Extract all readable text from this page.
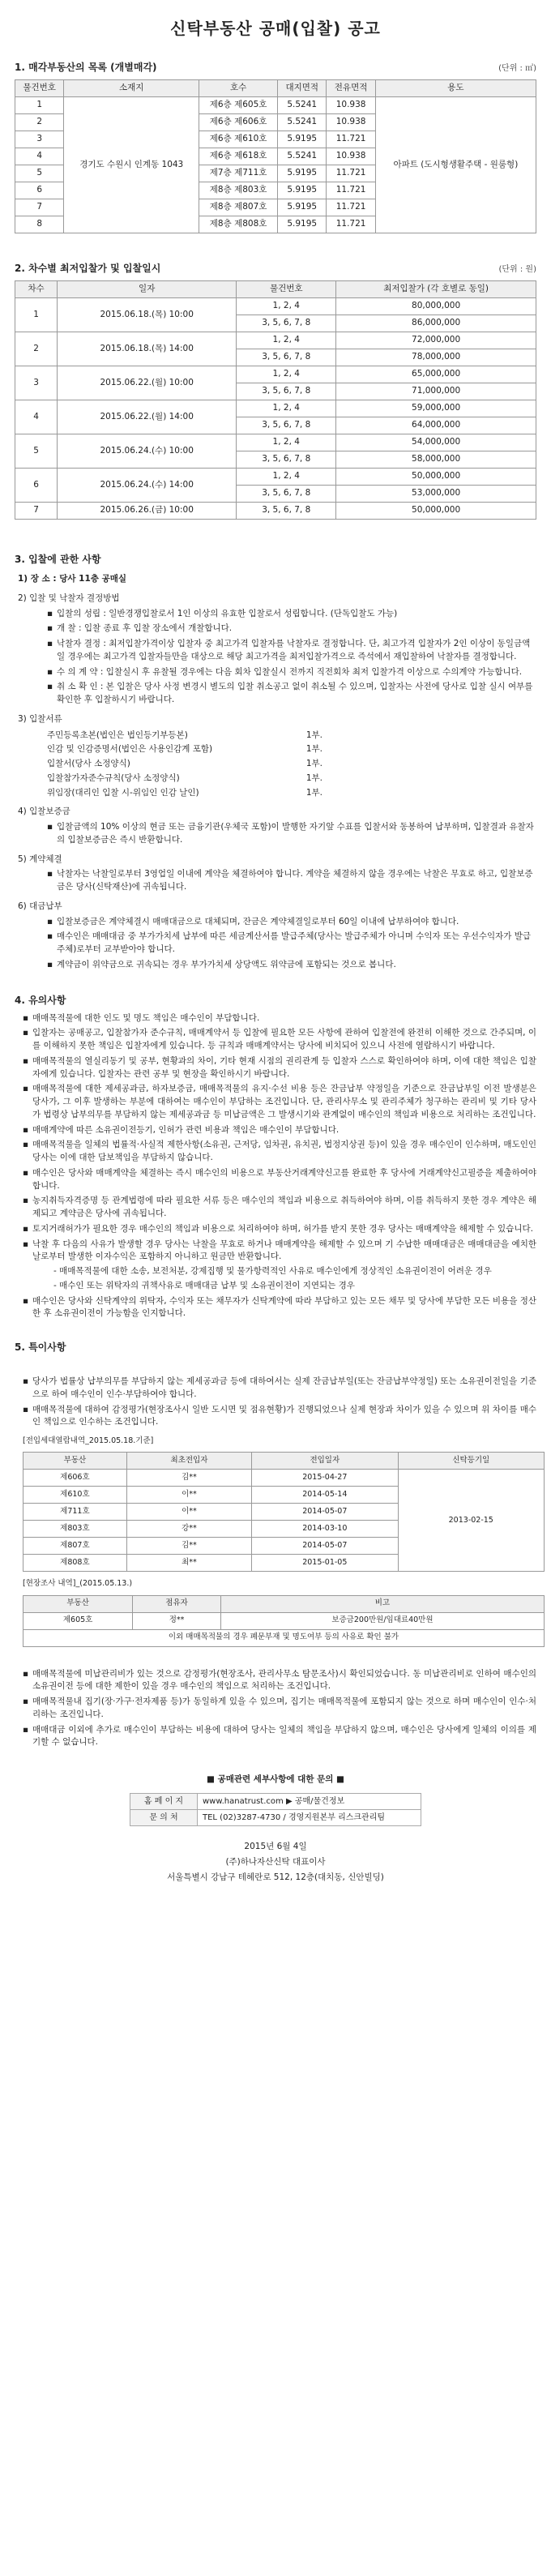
신탁부동산 공매(입찰) 공고
1. 매각부동산의 목록 (개별매각)	(단위 : ㎡)
물건번호	소재지	호수	대지면적	전유면적	용도
1	경기도 수원시 인계동 1043	제6층 제605호	5.5241	10.938	아파트 (도시형생활주택 - 원룸형)
2		제6층 제606호	5.5241	10.938	
3		제6층 제610호	5.9195	11.721	
4		제6층 제618호	5.5241	10.938	
5		제7층 제711호	5.9195	11.721	
6		제8층 제803호	5.9195	11.721	
7		제8층 제807호	5.9195	11.721	
8		제8층 제808호	5.9195	11.721	
2. 차수별 최저입찰가 및 입찰일시	(단위 : 원)
차수	일자	물건번호	최저입찰가 (각 호별로 동일)
1	2015.06.18.(목) 10:00	1, 2, 4	80,000,000
		3, 5, 6, 7, 8	86,000,000
2	2015.06.18.(목) 14:00	1, 2, 4	72,000,000
		3, 5, 6, 7, 8	78,000,000
3	2015.06.22.(월) 10:00	1, 2, 4	65,000,000
		3, 5, 6, 7, 8	71,000,000
4	2015.06.22.(월) 14:00	1, 2, 4	59,000,000
		3, 5, 6, 7, 8	64,000,000
5	2015.06.24.(수) 10:00	1, 2, 4	54,000,000
		3, 5, 6, 7, 8	58,000,000
6	2015.06.24.(수) 14:00	1, 2, 4	50,000,000
		3, 5, 6, 7, 8	53,000,000
7	2015.06.26.(금) 10:00	3, 5, 6, 7, 8	50,000,000
3. 입찰에 관한 사항
1) 장 소 : 당사 11층 공매실
2) 입찰 및 낙찰자 결정방법
▪ 입찰의 성립 : 일반경쟁입찰로서 1인 이상의 유효한 입찰로서 성립합니다. (단독입찰도 가능)
▪ 개 찰 : 입찰 종료 후 입찰 장소에서 개찰합니다.
▪ 낙찰자 결정 : 최저입찰가격이상 입찰자 중 최고가격 입찰자를 낙찰자로 결정합니다. 단, 최고가격 입찰자가 2인 이상이 동일금액일 경우에는 최고가격 입찰자들만을 대상으로 해당 최고가격을 최저입찰가격으로 즉석에서 재입찰하여 낙찰자를 결정합니다.
▪ 수 의 계 약 : 입찰실시 후 유찰될 경우에는 다음 회차 입찰실시 전까지 직전회차 최저 입찰가격 이상으로 수의계약 가능합니다.
▪ 취 소 확 인 : 본 입찰은 당사 사정 변경시 별도의 입찰 취소공고 없이 취소될 수 있으며, 입찰자는 사전에 당사로 입찰 실시 여부를 확인한 후 입찰하시기 바랍니다.
3) 입찰서류
주민등록초본(법인은 법인등기부등본)	1부.
인감 및 인감증명서(법인은 사용인감계 포함)	1부.
입찰서(당사 소정양식)	1부.
입찰참가자준수규칙(당사 소정양식)	1부.
위임장(대리인 입찰 시-위임인 인감 날인)	1부.
4) 입찰보증금
▪ 입찰금액의 10% 이상의 현금 또는 금융기관(우체국 포함)이 발행한 자기앞 수표를 입찰서와 동봉하여 납부하며, 입찰결과 유찰자의 입찰보증금은 즉시 반환합니다.
5) 계약체결
▪ 낙찰자는 낙찰일로부터 3영업일 이내에 계약을 체결하여야 합니다. 계약을 체결하지 않을 경우에는 낙찰은 무효로 하고, 입찰보증금은 당사(신탁재산)에 귀속됩니다.
6) 대금납부
▪ 입찰보증금은 계약체결시 매매대금으로 대체되며, 잔금은 계약체결일로부터 60일 이내에 납부하여야 합니다.
▪ 매수인은 매매대금 중 부가가치세 납부에 따른 세금계산서를 발급주체(당사는 발급주체가 아니며 수익자 또는 우선수익자가 발급주체)로부터 교부받아야 합니다.
▪ 계약금이 위약금으로 귀속되는 경우 부가가치세 상당액도 위약금에 포함되는 것으로 봅니다.
4. 유의사항
▪ 매매목적물에 대한 인도 및 명도 책임은 매수인이 부담합니다.
▪ 입찰자는 공매공고, 입찰참가자 준수규칙, 매매계약서 등 입찰에 필요한 모든 사항에 관하여 입찰전에 완전히 이해한 것으로 간주되며, 이를 이해하지 못한 책임은 입찰자에게 있습니다. 등 규칙과 매매계약서는 당사에 비치되어 있으니 사전에 열람하시기 바랍니다.
▪ 매매목적물의 열실리동기 및 공부, 현황과의 차이, 기타 현재 시점의 권리관계 등 입찰자 스스로 확인하여야 하며, 이에 대한 책임은 입찰자에게 있습니다. 입찰자는 관련 공부 및 현장을 확인하시기 바랍니다.
▪ 매매목적물에 대한 제세공과금, 하자보증금, 매매목적물의 유지·수선 비용 등은 잔금납부 약정일을 기준으로 잔금납부일 이전 발생분은 당사가, 그 이후 발생하는 부분에 대하여는 매수인이 부담하는 조건입니다. 단, 관리사무소 및 관리주체가 청구하는 관리비 및 기타 당사가 법령상 납부의무를 부담하지 않는 제세공과금 등 미납금액은 그 발생시기와 관계없이 매수인의 책임과 비용으로 처리하는 조건입니다.
▪ 매매계약에 따른 소유권이전등기, 인허가 관련 비용과 책임은 매수인이 부담합니다.
▪ 매매목적물을 일체의 법률적·사실적 제한사항(소유권, 근저당, 임차권, 유치권, 법정지상권 등)이 있을 경우 매수인이 인수하며, 매도인인 당사는 이에 대한 담보책임을 부담하지 않습니다.
▪ 매수인은 당사와 매매계약을 체결하는 즉시 매수인의 비용으로 부동산거래계약신고를 완료한 후 당사에 거래계약신고필증을 제출하여야 합니다.
▪ 농지취득자격증명 등 관계법령에 따라 필요한 서류 등은 매수인의 책임과 비용으로 취득하여야 하며, 이를 취득하지 못한 경우 계약은 해제되고 계약금은 당사에 귀속됩니다.
▪ 토지거래허가가 필요한 경우 매수인의 책임과 비용으로 처리하여야 하며, 허가를 받지 못한 경우 당사는 매매계약을 해제할 수 있습니다.
▪ 낙찰 후 다음의 사유가 발생할 경우 당사는 낙찰을 무효로 하거나 매매계약을 해제할 수 있으며 기 수납한 매매대금은 매매대금을 예치한 날로부터 발생한 이자수익은 포함하지 아니하고 원금만 반환합니다.
- 매매목적물에 대한 소송, 보전처분, 강제집행 및 물가항력적인 사유로 매수인에게 정상적인 소유권이전이 어려운 경우
- 매수인 또는 위탁자의 귀책사유로 매매대금 납부 및 소유권이전이 지연되는 경우
▪ 매수인은 당사와 신탁계약의 위탁자, 수익자 또는 채무자가 신탁계약에 따라 부담하고 있는 모든 채무 및 당사에 부담한 모든 비용을 정산한 후 소유권이전이 가능함을 인지합니다.
5. 특이사항
▪ 당사가 법률상 납부의무를 부담하지 않는 제세공과금 등에 대하여서는 실제 잔금납부일(또는 잔금납부약정일) 또는 소유권이전일을 기준으로 하여 매수인이 인수·부담하여야 합니다.
▪ 매매목적물에 대하여 감정평가(현장조사시 일반 도시면 및 점유현황)가 진행되었으나 실제 현장과 차이가 있을 수 있으며 위 차이를 매수인 책임으로 인수하는 조건입니다.
[전입세대열람내역_2015.05.18.기준]
부동산	최초전입자	전입일자	신탁등기일
제606호	김**	2015-04-27	2013-02-15
제610호	이**	2014-05-14	
제711호	이**	2014-05-07	
제803호	강**	2014-03-10	
제807호	김**	2014-05-07	
제808호	최**	2015-01-05	
[현장조사 내역]_(2015.05.13.)
부동산	점유자	비고
제605호	정**	보증금200만원/임대료40만원
이외 매매목적물의 경우 폐문부재 및 명도여부 등의 사유로 확인 불가		
▪ 매매목적물에 미납관리비가 있는 것으로 감정평가(현장조사, 관리사무소 탐문조사)시 확인되었습니다. 동 미납관리비로 인하여 매수인의 소유권이전 등에 대한 제한이 있을 경우 매수인의 책임으로 처리하는 조건입니다.
▪ 매매목적물내 집기(장·가구·전자제품 등)가 동일하게 있을 수 있으며, 집기는 매매목적물에 포함되지 않는 것으로 하며 매수인이 인수·처리하는 조건입니다.
▪ 매매대금 이외에 추가로 매수인이 부담하는 비용에 대하여 당사는 일체의 책임을 부담하지 않으며, 매수인은 당사에게 일체의 이의를 제기할 수 없습니다.
■ 공매관련 세부사항에 대한 문의 ■
홈 페 이 지	www.hanatrust.com ▶ 공매/물건정보
문 의 처	TEL (02)3287-4730 / 경영지원본부 리스크관리팀
2015년 6월 4일
(주)하나자산신탁 대표이사
서울특별시 강남구 테헤란로 512, 12층(대치동, 신안빌딩)
